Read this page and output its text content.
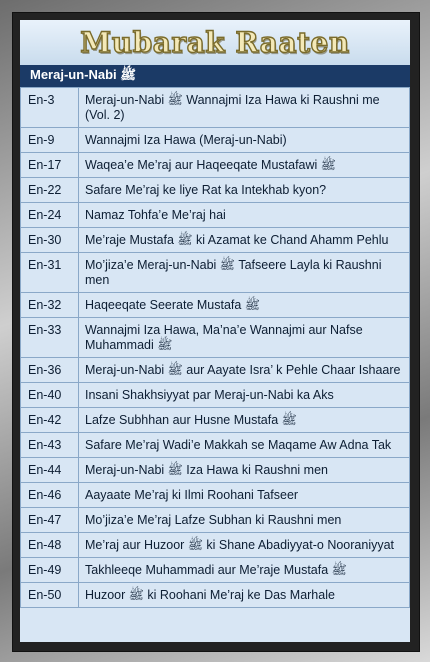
Mubarak Raaten
Meraj-un-Nabi ﷺ
En-3	Meraj-un-Nabi ﷺ Wannajmi Iza Hawa ki Raushni me (Vol. 2)
En-9	Wannajmi Iza Hawa (Meraj-un-Nabi)
En-17	Waqea’e Me’raj aur Haqeeqate Mustafawi ﷺ
En-22	Safare Me’raj ke liye Rat ka Intekhab kyon?
En-24	Namaz Tohfa’e Me’raj hai
En-30	Me’raje Mustafa ﷺ ki Azamat ke Chand Ahamm Pehlu
En-31	Mo’jiza’e Meraj-un-Nabi ﷺ Tafseere Layla ki Raushni men
En-32	Haqeeqate Seerate Mustafa ﷺ
En-33	Wannajmi Iza Hawa, Ma’na’e Wannajmi aur Nafse Muhammadi ﷺ
En-36	Meraj-un-Nabi ﷺ aur Aayate Isra’ k Pehle Chaar Ishaare
En-40	Insani Shakhsiyyat par Meraj-un-Nabi ka Aks
En-42	Lafze Subhhan aur Husne Mustafa ﷺ
En-43	Safare Me’raj Wadi’e Makkah se Maqame Aw Adna Tak
En-44	Meraj-un-Nabi ﷺ Iza Hawa ki Raushni men
En-46	Aayaate Me’raj ki Ilmi Roohani Tafseer
En-47	Mo’jiza’e Me’raj Lafze Subhan ki Raushni men
En-48	Me’raj aur Huzoor ﷺ ki Shane Abadiyyat-o Nooraniyyat
En-49	Takhleeqe Muhammadi aur Me’raje Mustafa ﷺ
En-50	Huzoor ﷺ ki Roohani Me’raj ke Das Marhale
